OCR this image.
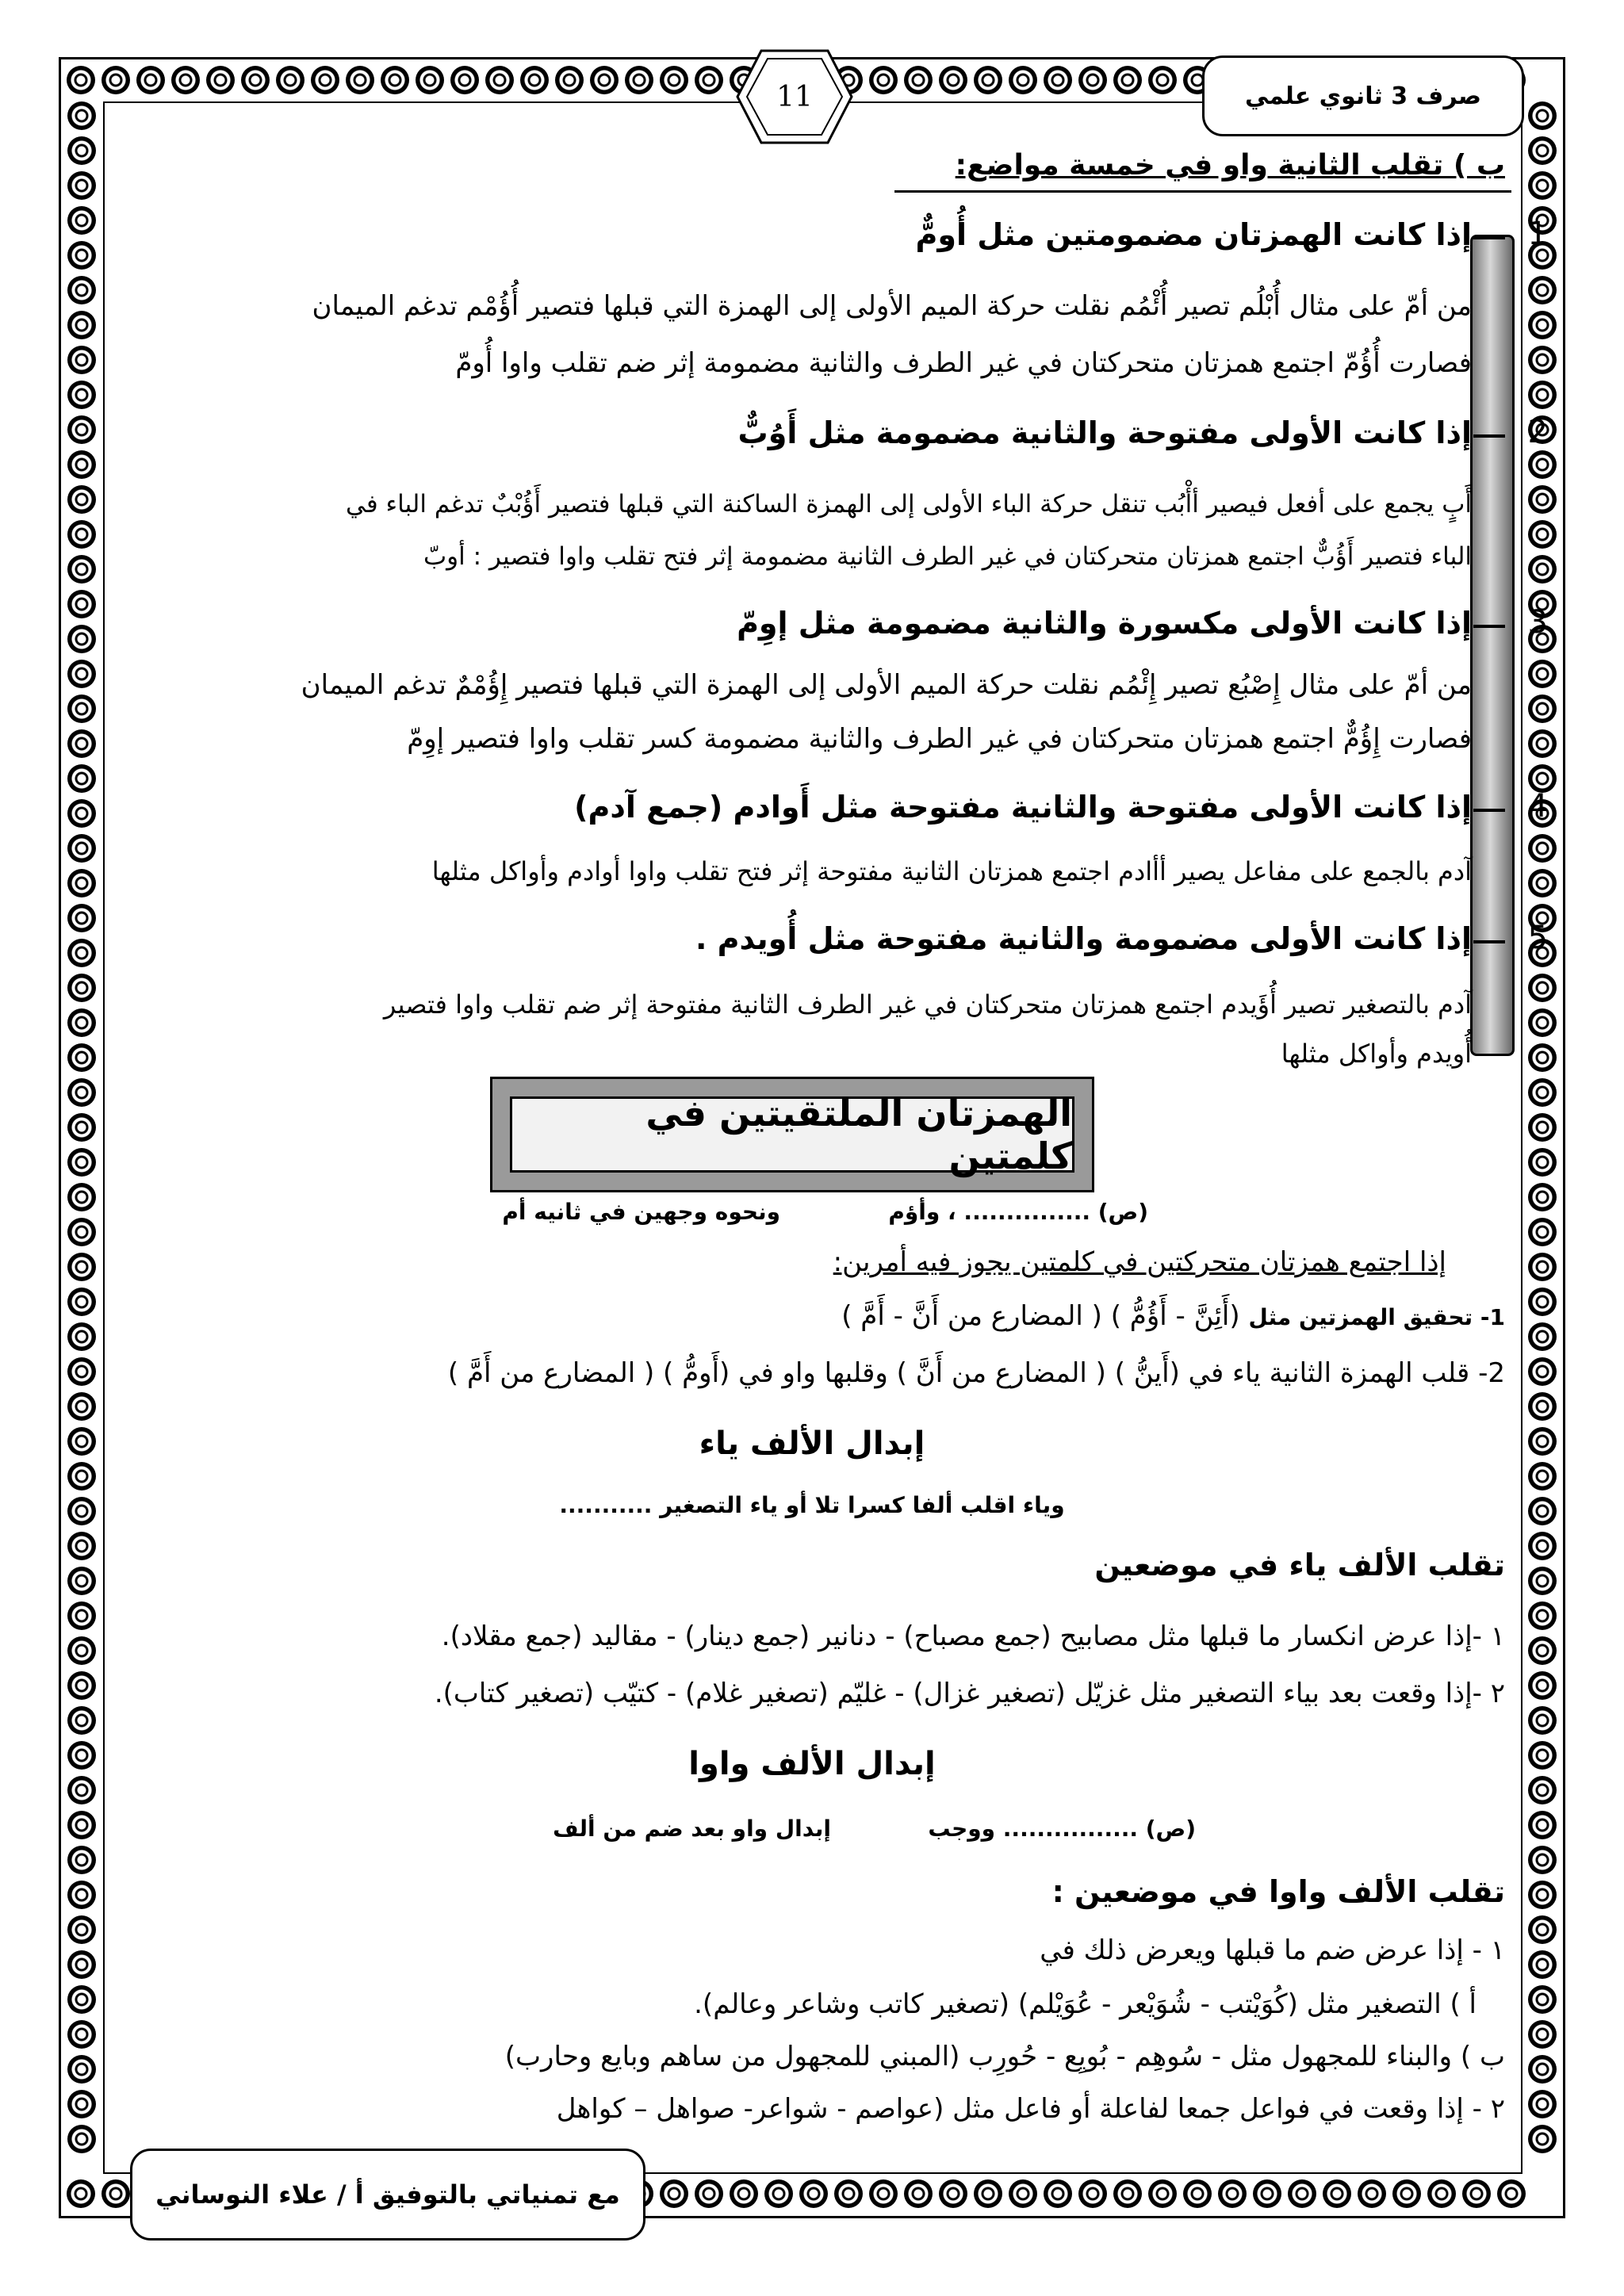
صرف 3 ثانوي علمي
11
ب ) تقلب الثانية واو في خمسة مواضع:
1
إذا كانت الهمزتان مضمومتين مثل أُومٌّ
من أمّ على مثال أُبْلُم تصير أُئْمُم نقلت حركة الميم الأولى إلى الهمزة التي قبلها فتصير أُؤُمْم تدغم الميمان
فصارت أُؤُمّ اجتمع همزتان متحركتان في غير الطرف والثانية مضمومة إثر ضم تقلب واوا أُومّ
2
إذا كانت الأولى مفتوحة والثانية مضمومة مثل أَوُبٌّ
أَبٍ يجمع على أفعل فيصير أأْبُب تنقل حركة الباء الأولى إلى الهمزة الساكنة التي قبلها فتصير أَؤُبْبٌ تدغم الباء في
الباء فتصير أَؤُبٌّ اجتمع همزتان متحركتان في غير الطرف الثانية مضمومة إثر فتح تقلب واوا فتصير : أوبّ
3
إذا كانت الأولى مكسورة والثانية مضمومة مثل إوِمّ
من أمّ على مثال إِصْبُع تصير إِئْمُم نقلت حركة الميم الأولى إلى الهمزة التي قبلها فتصير إِؤُمْمٌ تدغم الميمان
فصارت إِؤُمٌّ اجتمع همزتان متحركتان في غير الطرف والثانية مضمومة كسر تقلب واوا فتصير إوِمّ
4
إذا كانت الأولى مفتوحة والثانية مفتوحة مثل أَوادم (جمع آدم)
آدم بالجمع على مفاعل يصير أأادم اجتمع همزتان الثانية مفتوحة إثر فتح تقلب واوا أوادم وأواكل مثلها
5
إذا كانت الأولى مضمومة والثانية مفتوحة مثل أُويدم .
آدم بالتصغير تصير أُؤَيدم اجتمع همزتان متحركتان في غير الطرف الثانية مفتوحة إثر ضم تقلب واوا فتصير
أُويدم وأواكل مثلها
الهمزتان الملتقيتين في كلمتين
(ص) ............... ، وأؤم
ونحوه وجهين في ثانيه أم
إذا اجتمع همزتان متحركتين في كلمتين يجوز فيه أمرين:
1- تحقيق الهمزتين مثل (أَئِنَّ - أَؤُمُّ ) ( المضارع من أَنَّ - أَمَّ )
2- قلب الهمزة الثانية ياء في (أَينُّ ) ( المضارع من أَنَّ ) وقلبها واو في (أَومُّ ) ( المضارع من أَمَّ )
إبدال الألف ياء
وياء اقلب ألفا كسرا تلا أو ياء التصغير ...........
تقلب الألف ياء في موضعين
١ -إذا عرض انكسار ما قبلها مثل مصابيح (جمع مصباح) - دنانير (جمع دينار) - مقاليد (جمع مقلاد).
٢ -إذا وقعت بعد بياء التصغير مثل غزيّل (تصغير غزال) - غليّم (تصغير غلام) - كتيّب (تصغير كتاب).
إبدال الألف واوا
(ص) ................ ووجب
إبدال واو بعد ضم من ألف
تقلب الألف واوا في موضعين :
١ - إذا عرض ضم ما قبلها ويعرض ذلك في
أ ) التصغير مثل (كُوَيْتب - شُوَيْعر - عُوَيْلم) (تصغير كاتب وشاعر وعالم).
ب ) والبناء للمجهول مثل - سُوهِم - بُويِع - حُورِب (المبني للمجهول من ساهم وبايع وحارب)
٢ - إذا وقعت في فواعل جمعا لفاعلة أو فاعل مثل (عواصم - شواعر- صواهل – كواهل
مع تمنياتي بالتوفيق أ / علاء النوساني
